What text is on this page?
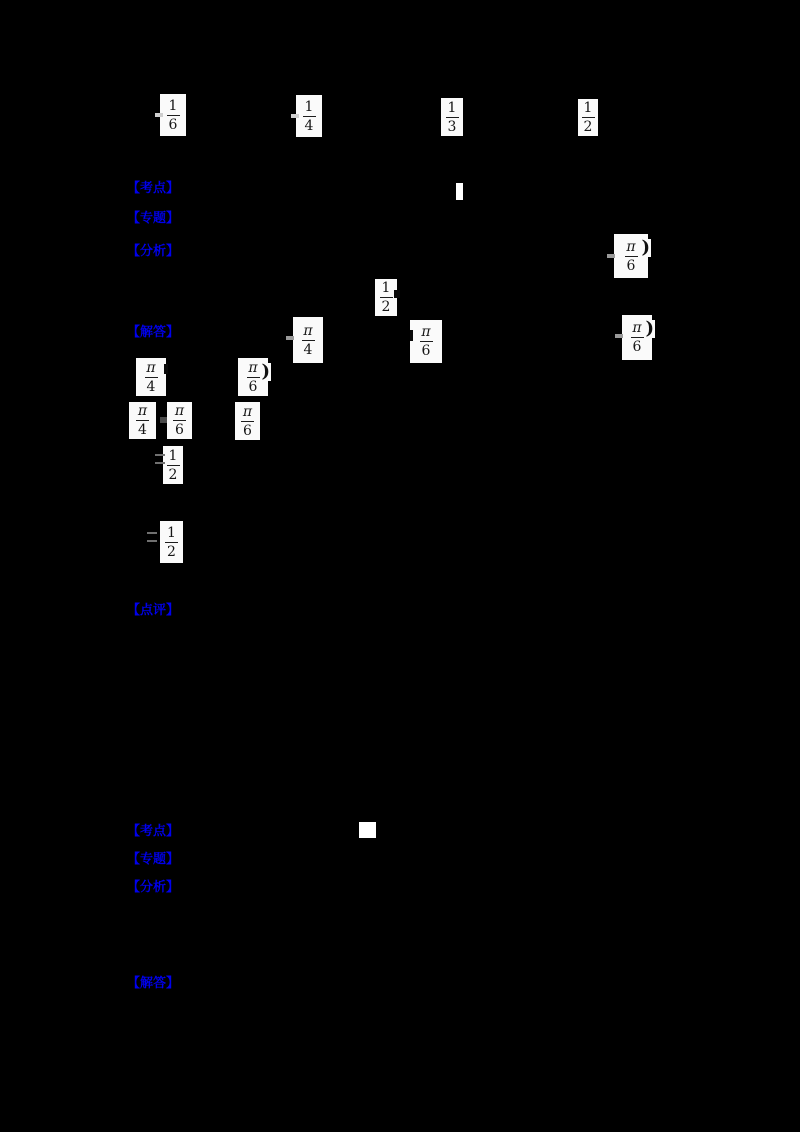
1
6
1
4
1
3
1
2
【考点】
【专题】
【分析】
【解答】
【点评】
π
6
)
1
2
π
4
π
6
π
6
)
π
4
π
6
)
π
4
π
6
π
6
1
2
1
2
【考点】
【专题】
【分析】
【解答】
